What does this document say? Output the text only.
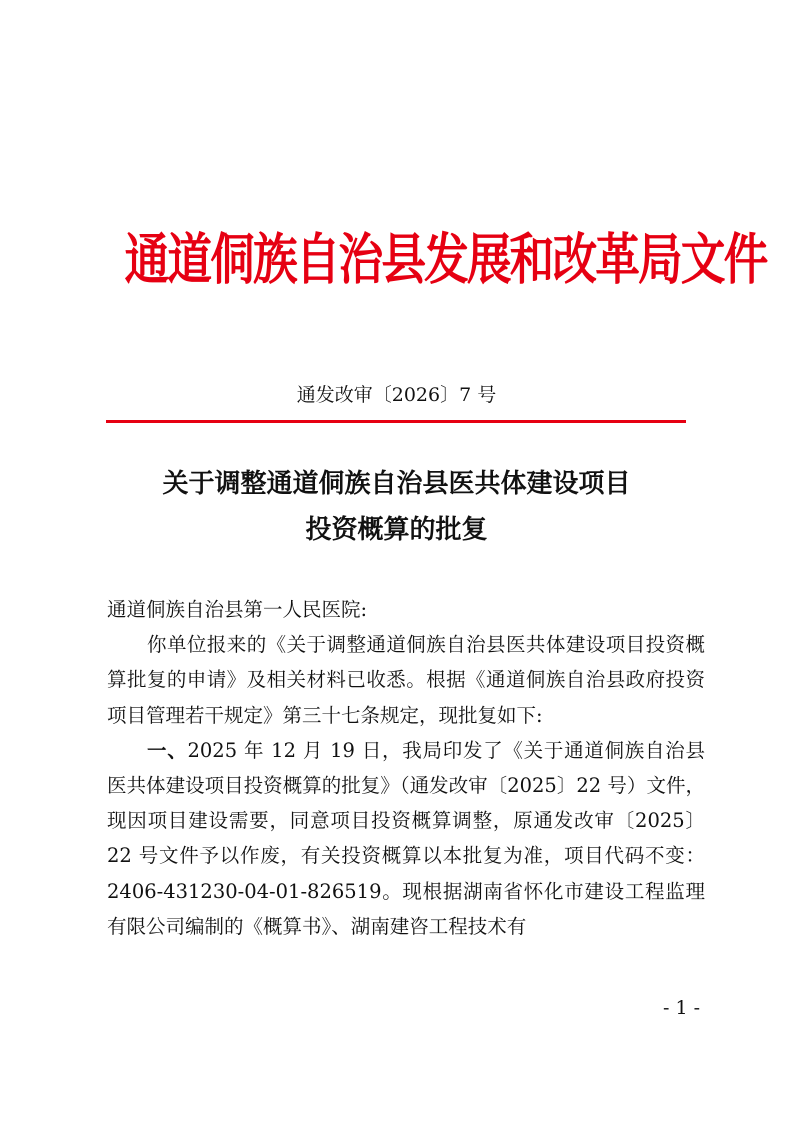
通道侗族自治县发展和改革局文件
通发改审〔2026〕7 号
关于调整通道侗族自治县医共体建设项目
投资概算的批复

通道侗族自治县第一人民医院:

你单位报来的《关于调整通道侗族自治县医共体建设项目投资概算批复的申请》及相关材料已收悉。根据《通道侗族自治县政府投资项目管理若干规定》第三十七条规定，现批复如下:

一、2025 年 12 月 19 日，我局印发了《关于通道侗族自治县医共体建设项目投资概算的批复》（通发改审〔2025〕22 号）文件，现因项目建设需要，同意项目投资概算调整，原通发改审〔2025〕22 号文件予以作废，有关投资概算以本批复为准，项目代码不变：2406-431230-04-01-826519。现根据湖南省怀化市建设工程监理有限公司编制的《概算书》、湖南建咨工程技术有

- 1 -
